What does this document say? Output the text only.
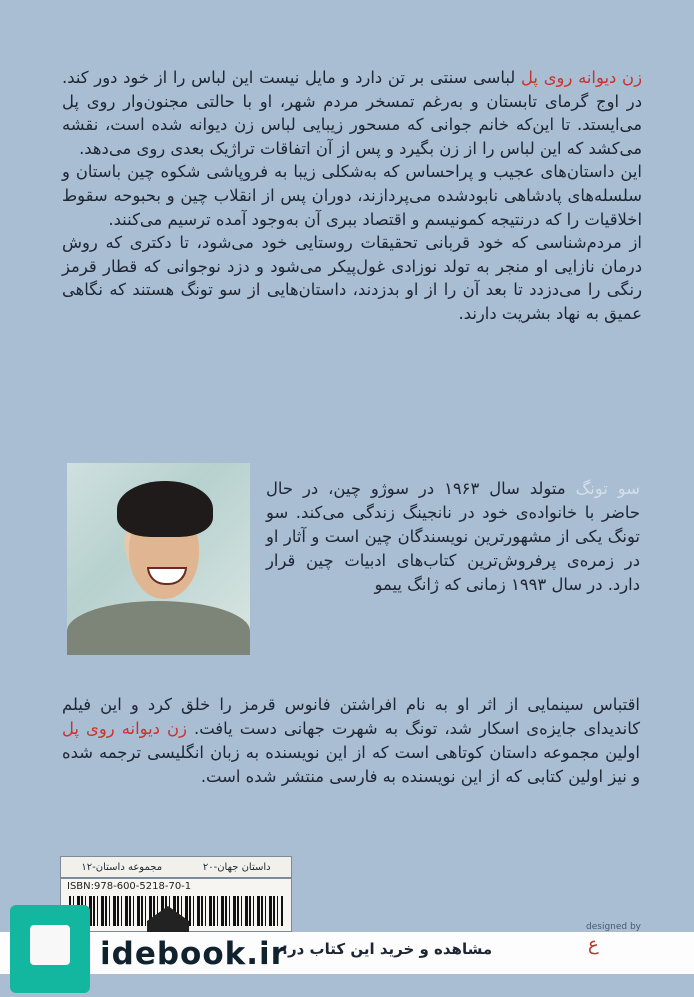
زن دیوانه روی پل لباسی سنتی بر تن دارد و مایل نیست این لباس را از خود دور کند. در اوج گرمای تابستان و به‌رغم تمسخر مردم شهر، او با حالتی مجنون‌وار روی پل می‌ایستد. تا این‌که خانم جوانی که مسحور زیبایی لباس زن دیوانه شده است، نقشه می‌کشد که این لباس را از زن بگیرد و پس از آن اتفاقات تراژیک بعدی روی می‌دهد.

این داستان‌های عجیب و پراحساس که به‌شکلی زیبا به فروپاشی شکوه چین باستان و سلسله‌های پادشاهی نابودشده می‌پردازند، دوران پس از انقلاب چین و بحبوحه سقوط اخلاقیات را که درنتیجه کمونیسم و اقتصاد ببری آن به‌وجود آمده ترسیم می‌کنند.

از مردم‌شناسی که خود قربانی تحقیقات روستایی خود می‌شود، تا دکتری که روش درمان نازایی او منجر به تولد نوزادی غول‌پیکر می‌شود و دزد نوجوانی که قطار قرمز رنگی را می‌دزدد تا بعد آن را از او بدزدند، داستان‌هایی از سو تونگ هستند که نگاهی عمیق به نهاد بشریت دارند.

سو تونگ متولد سال ۱۹۶۳ در سوژو چین، در حال حاضر با خانواده‌ی خود در نانجینگ زندگی می‌کند. سو تونگ یکی از مشهورترین نویسندگان چین است و آثار او در زمره‌ی پرفروش‌ترین کتاب‌های ادبیات چین قرار دارد. در سال ۱۹۹۳ زمانی که ژانگ ییمو

اقتباس سینمایی از اثر او به نام افراشتن فانوس قرمز را خلق کرد و این فیلم کاندیدای جایزه‌ی اسکار شد، تونگ به شهرت جهانی دست یافت. زن دیوانه روی پل اولین مجموعه داستان کوتاهی است که از این نویسنده به زبان انگلیسی ترجمه شده و نیز اولین کتابی که از این نویسنده به فارسی منتشر شده است.

داستان جهان-۲۰
مجموعه داستان-۱۲
ISBN:978-600-5218-70-1
idebook.ir
مشاهده و خرید این کتاب در:
designed by
ع
